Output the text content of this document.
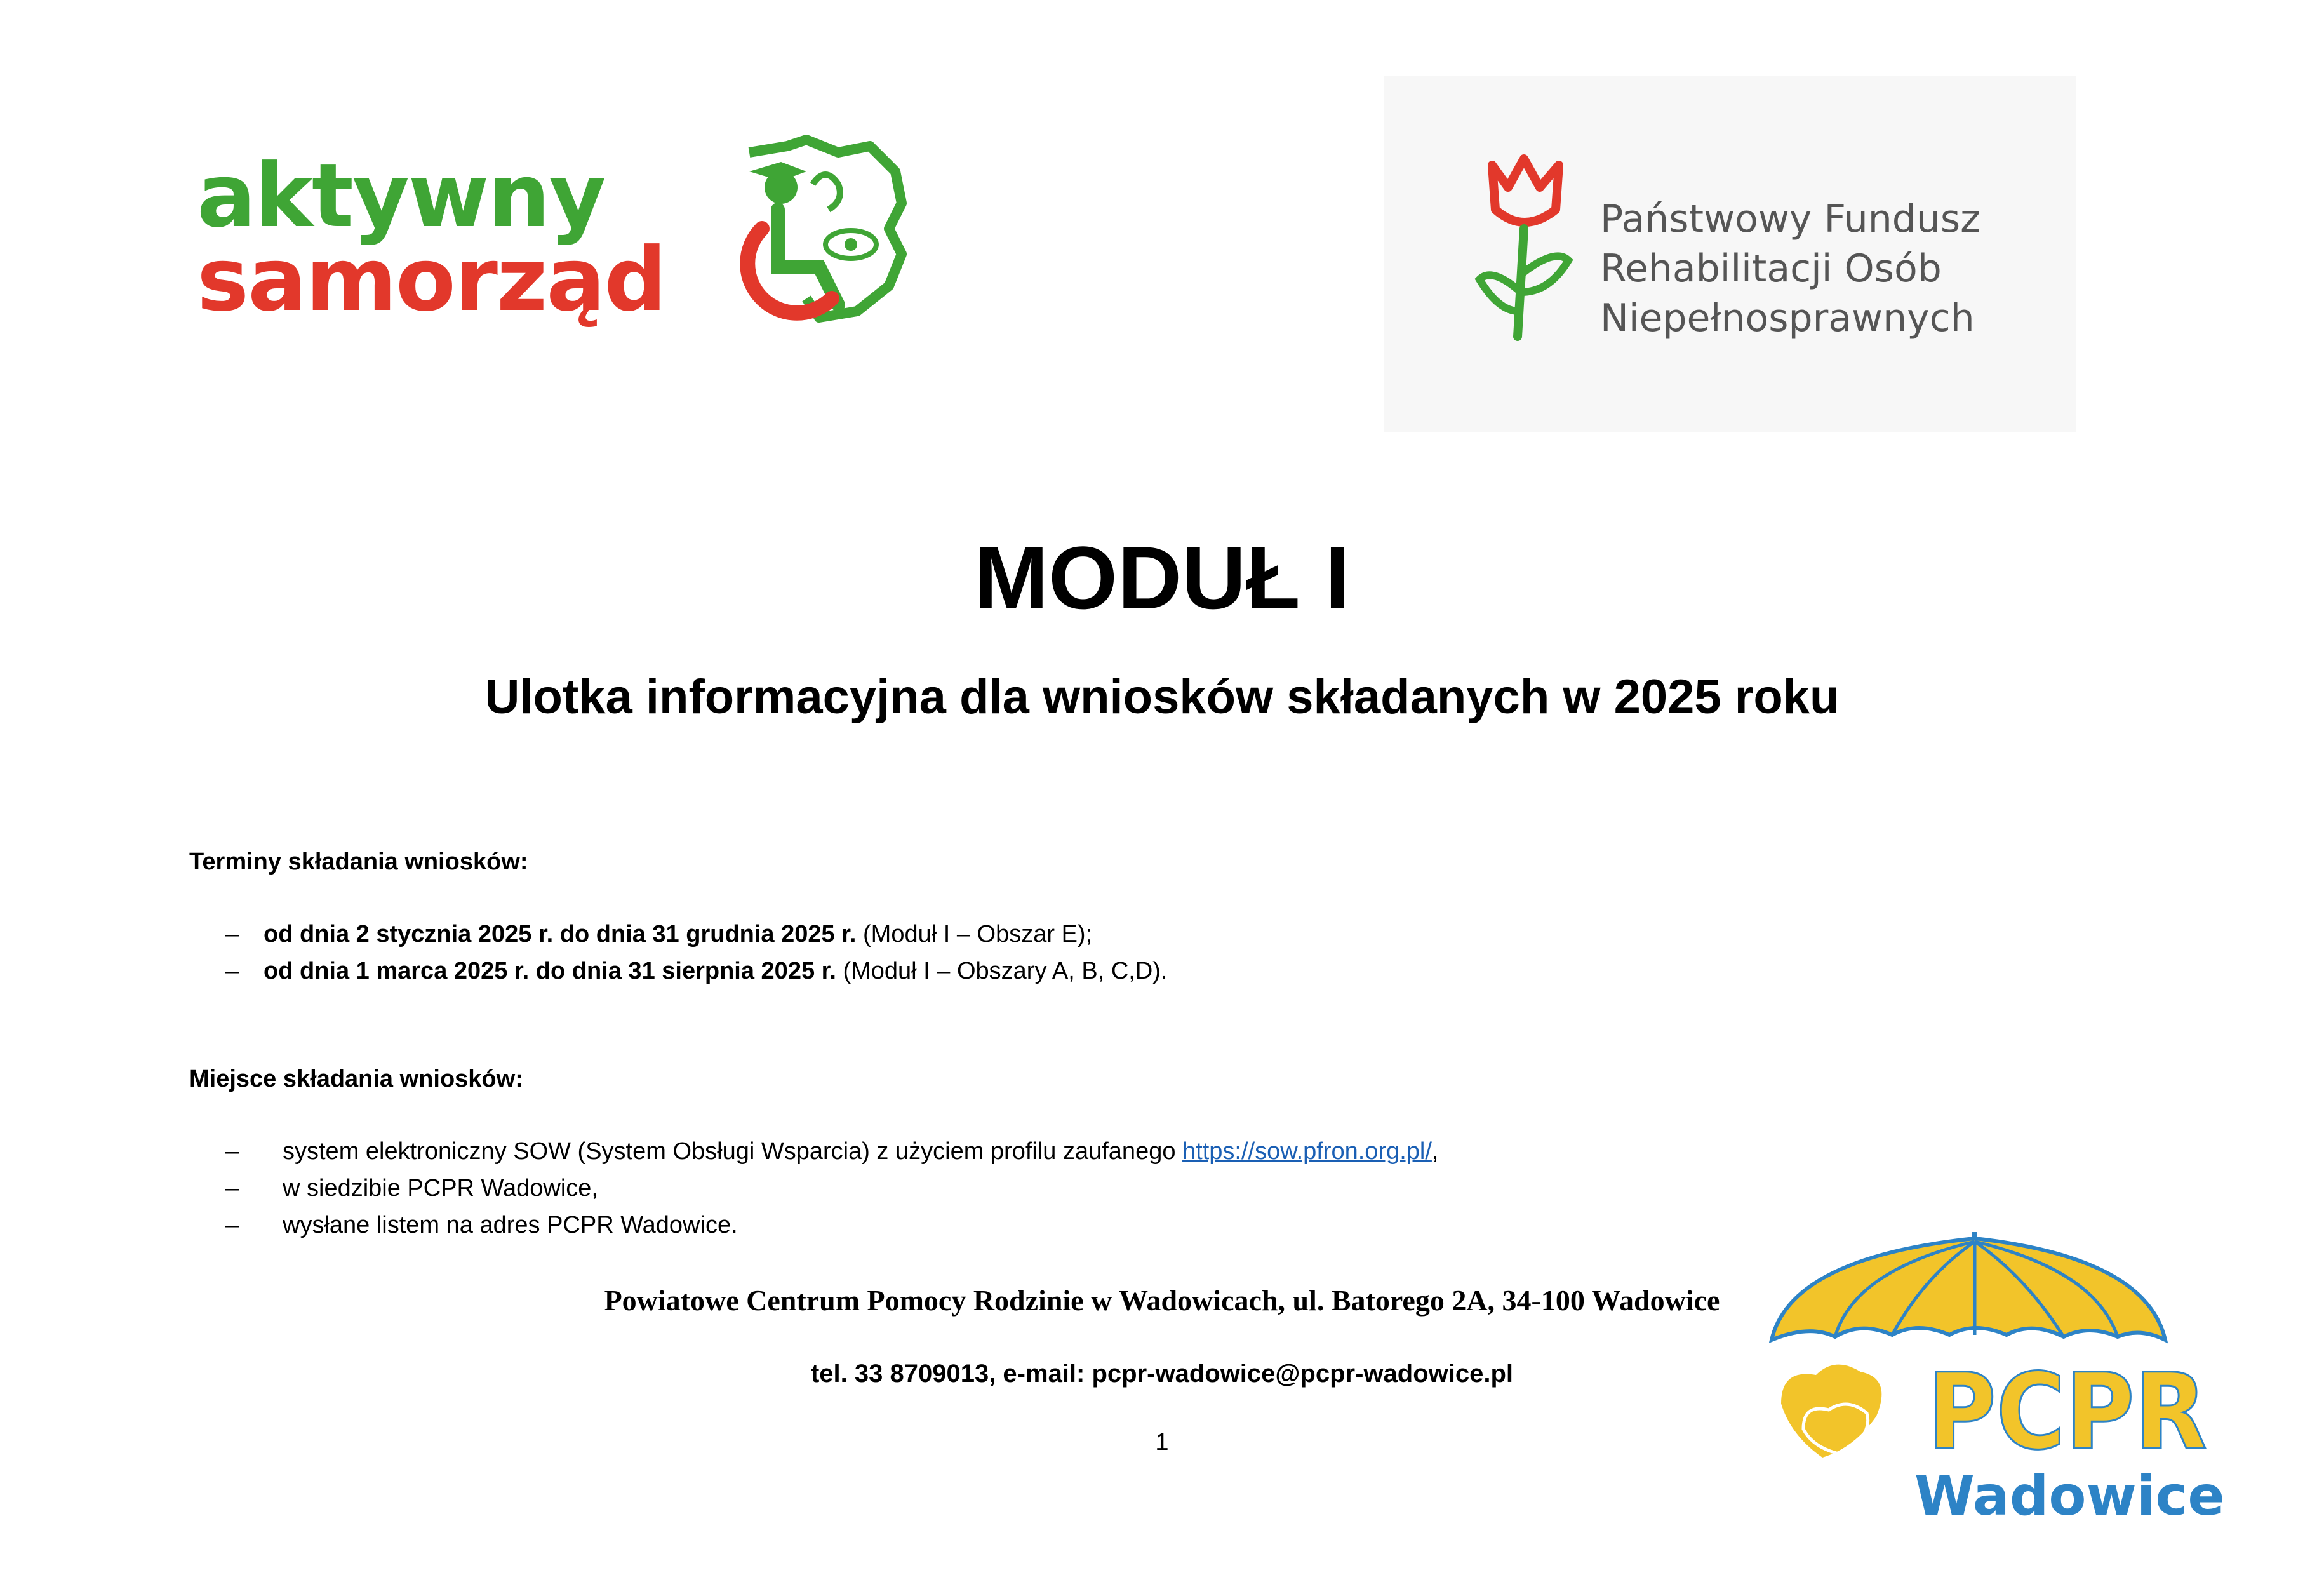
aktywny
samorząd
Państwowy Fundusz
Rehabilitacji Osób
Niepełnosprawnych
MODUŁ I
Ulotka informacyjna dla wniosków składanych w 2025 roku
Terminy składania wniosków:
– od dnia 2 stycznia 2025 r. do dnia 31 grudnia 2025 r. (Moduł I – Obszar E);
– od dnia 1 marca 2025 r. do dnia 31 sierpnia 2025 r. (Moduł I – Obszary A, B, C,D).
Miejsce składania wniosków:
– system elektroniczny SOW (System Obsługi Wsparcia) z użyciem profilu zaufanego https://sow.pfron.org.pl/,
– w siedzibie PCPR Wadowice,
– wysłane listem na adres PCPR Wadowice.
Powiatowe Centrum Pomocy Rodzinie w Wadowicach, ul. Batorego 2A, 34-100 Wadowice
tel. 33 8709013, e-mail: pcpr-wadowice@pcpr-wadowice.pl
1	PCPR
Wadowice
